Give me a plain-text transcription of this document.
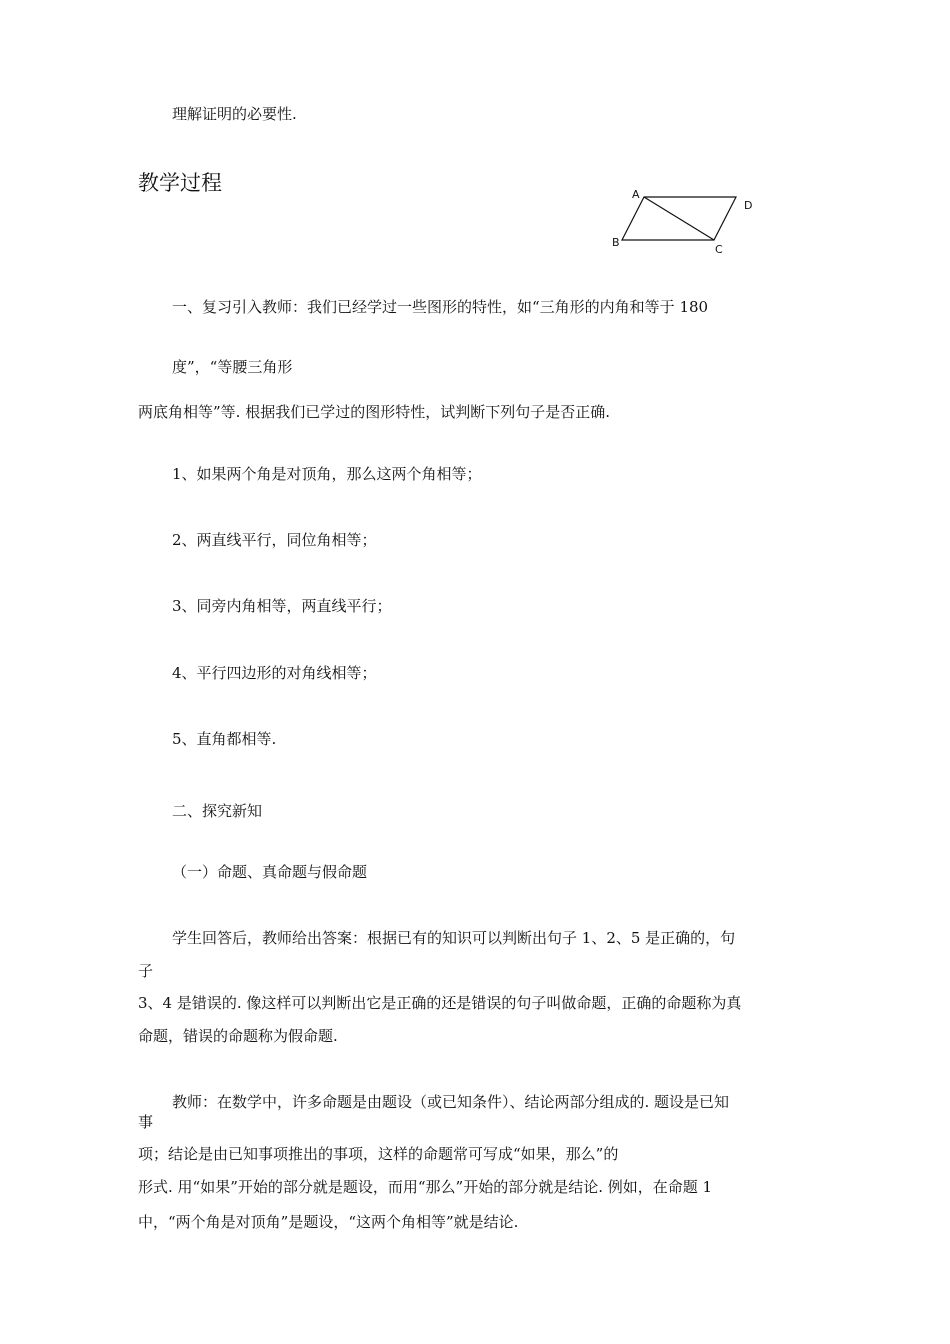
理解证明的必要性.
教学过程	A
D
B
C
一、复习引入教师：我们已经学过一些图形的特性，如“三角形的内角和等于 180
度”，“等腰三角形
两底角相等”等. 根据我们已学过的图形特性，试判断下列句子是否正确.
1、如果两个角是对顶角，那么这两个角相等；
2、两直线平行，同位角相等；
3、同旁内角相等，两直线平行；
4、平行四边形的对角线相等；
5、直角都相等.
二、探究新知
（一）命题、真命题与假命题
学生回答后，教师给出答案：根据已有的知识可以判断出句子 1、2、5 是正确的，句
子
3、4 是错误的. 像这样可以判断出它是正确的还是错误的句子叫做命题，正确的命题称为真
命题，错误的命题称为假命题.
教师：在数学中，许多命题是由题设（或已知条件）、结论两部分组成的. 题设是已知
事
项；结论是由已知事项推出的事项，这样的命题常可写成“如果，那么”的
形式. 用“如果”开始的部分就是题设，而用“那么”开始的部分就是结论. 例如，在命题 1
中，“两个角是对顶角”是题设，“这两个角相等”就是结论.
